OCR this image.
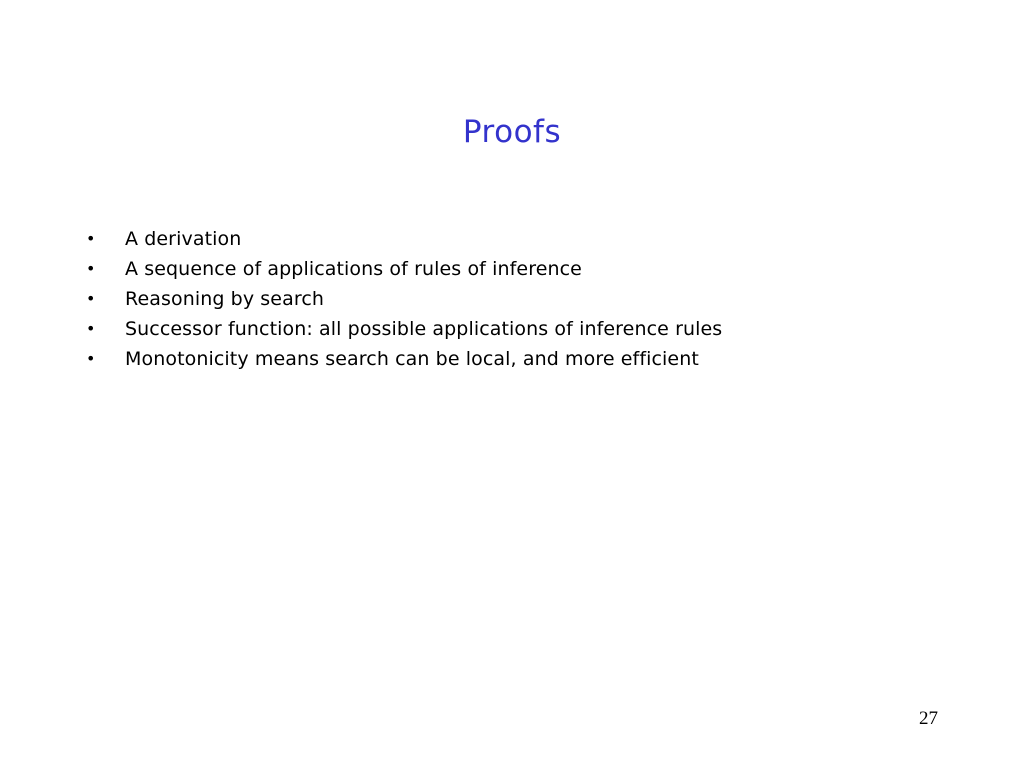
Proofs
•	A derivation
•	A sequence of applications of rules of inference
•	Reasoning by search
•	Successor function: all possible applications of inference rules
•	Monotonicity means search can be local, and more efficient
27
